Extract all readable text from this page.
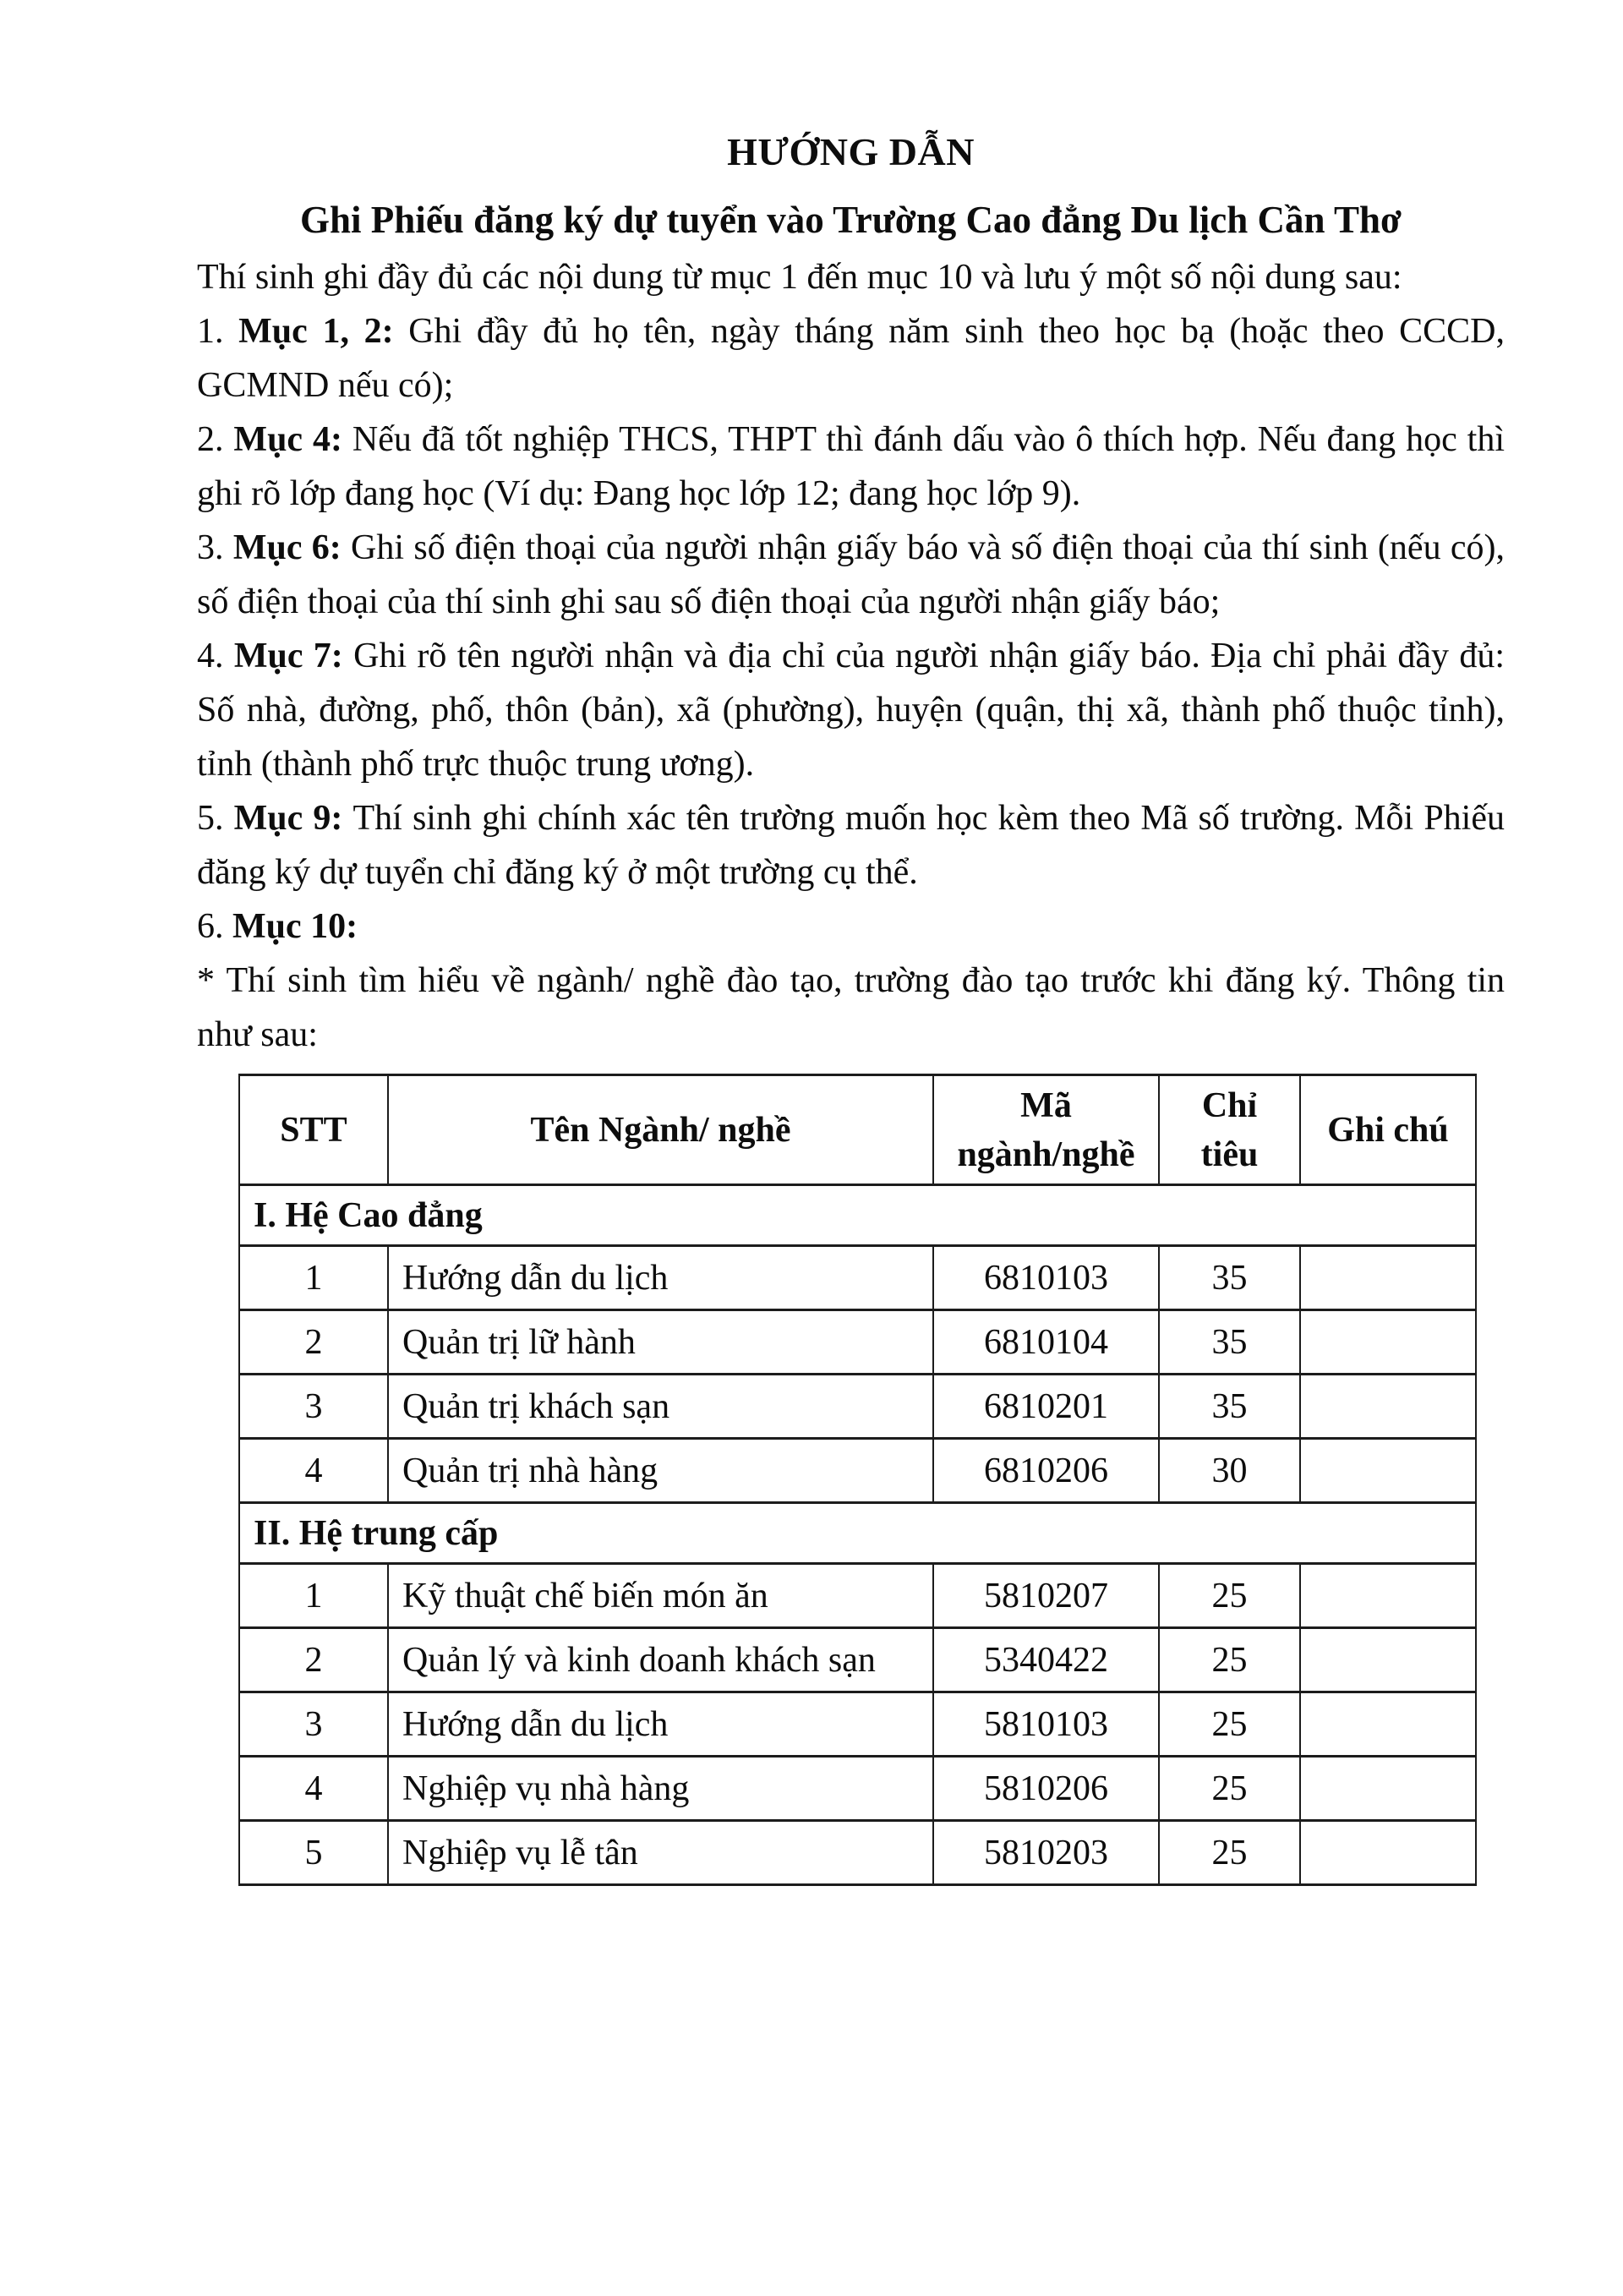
HƯỚNG DẪN
Ghi Phiếu đăng ký dự tuyển vào Trường Cao đẳng Du lịch Cần Thơ

Thí sinh ghi đầy đủ các nội dung từ mục 1 đến mục 10 và lưu ý một số nội dung sau:

1. Mục 1, 2: Ghi đầy đủ họ tên, ngày tháng năm sinh theo học bạ (hoặc theo CCCD, GCMND nếu có);

2. Mục 4: Nếu đã tốt nghiệp THCS, THPT thì đánh dấu vào ô thích hợp. Nếu đang học thì ghi rõ lớp đang học (Ví dụ: Đang học lớp 12; đang học lớp 9).

3. Mục 6: Ghi số điện thoại của người nhận giấy báo và số điện thoại của thí sinh (nếu có), số điện thoại của thí sinh ghi sau số điện thoại của người nhận giấy báo;

4. Mục 7: Ghi rõ tên người nhận và địa chỉ của người nhận giấy báo. Địa chỉ phải đầy đủ: Số nhà, đường, phố, thôn (bản), xã (phường), huyện (quận, thị xã, thành phố thuộc tỉnh), tỉnh (thành phố trực thuộc trung ương).

5. Mục 9: Thí sinh ghi chính xác tên trường muốn học kèm theo Mã số trường. Mỗi Phiếu đăng ký dự tuyển chỉ đăng ký ở một trường cụ thể.

6. Mục 10:

* Thí sinh tìm hiểu về ngành/ nghề đào tạo, trường đào tạo trước khi đăng ký. Thông tin như sau:

STT	Tên Ngành/ nghề	Mã ngành/nghề	Chỉ tiêu	Ghi chú
I. Hệ Cao đẳng				
1	Hướng dẫn du lịch	6810103	35	
2	Quản trị lữ hành	6810104	35	
3	Quản trị khách sạn	6810201	35	
4	Quản trị nhà hàng	6810206	30	
II. Hệ trung cấp				
1	Kỹ thuật chế biến món ăn	5810207	25	
2	Quản lý và kinh doanh khách sạn	5340422	25	
3	Hướng dẫn du lịch	5810103	25	
4	Nghiệp vụ nhà hàng	5810206	25	
5	Nghiệp vụ lễ tân	5810203	25	
